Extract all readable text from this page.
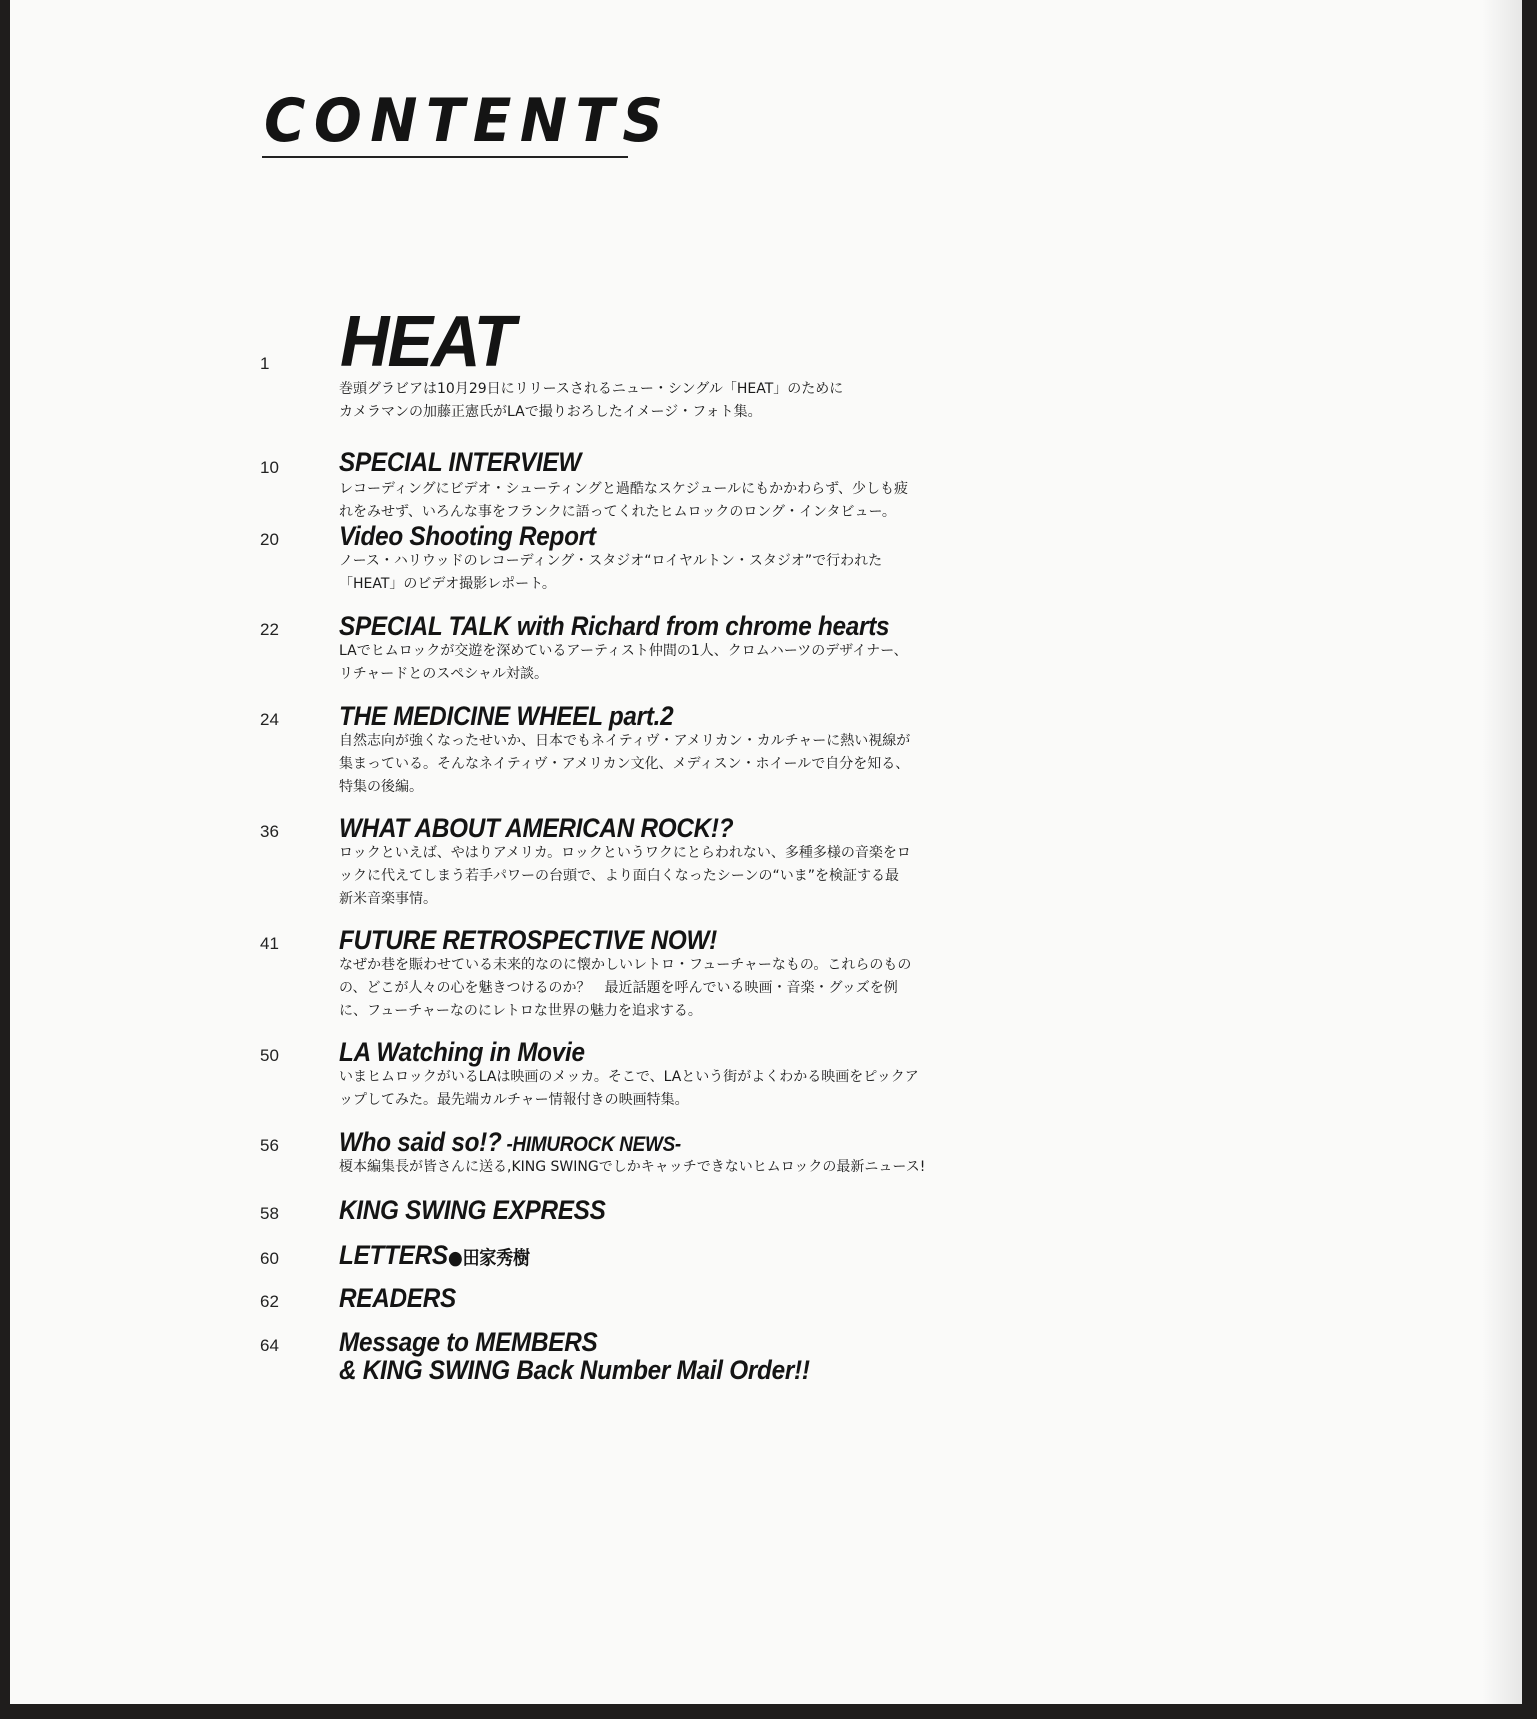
CONTENTS
1 HEAT
巻頭グラビアは10月29日にリリースされるニュー・シングル「HEAT」のために
カメラマンの加藤正憲氏がLAで撮りおろしたイメージ・フォト集。
10	SPECIAL INTERVIEW
レコーディングにビデオ・シューティングと過酷なスケジュールにもかかわらず、少しも疲
れをみせず、いろんな事をフランクに語ってくれたヒムロックのロング・インタビュー。
20	Video Shooting Report
ノース・ハリウッドのレコーディング・スタジオ“ロイヤルトン・スタジオ”で行われた
「HEAT」のビデオ撮影レポート。
22	SPECIAL TALK with Richard from chrome hearts
LAでヒムロックが交遊を深めているアーティスト仲間の1人、クロムハーツのデザイナー、
リチャードとのスペシャル対談。
24	THE MEDICINE WHEEL part.2
自然志向が強くなったせいか、日本でもネイティヴ・アメリカン・カルチャーに熱い視線が
集まっている。そんなネイティヴ・アメリカン文化、メディスン・ホイールで自分を知る、
特集の後編。
36	WHAT ABOUT AMERICAN ROCK!?
ロックといえば、やはりアメリカ。ロックというワクにとらわれない、多種多様の音楽をロ
ックに代えてしまう若手パワーの台頭で、より面白くなったシーンの“いま”を検証する最
新米音楽事情。
41	FUTURE RETROSPECTIVE NOW!
なぜか巷を賑わせている未来的なのに懐かしいレトロ・フューチャーなもの。これらのもの
の、どこが人々の心を魅きつけるのか？　最近話題を呼んでいる映画・音楽・グッズを例
に、フューチャーなのにレトロな世界の魅力を追求する。
50	LA Watching in Movie
いまヒムロックがいるLAは映画のメッカ。そこで、LAという街がよくわかる映画をピックア
ップしてみた。最先端カルチャー情報付きの映画特集。
56	Who said so!? -HIMUROCK NEWS-
榎本編集長が皆さんに送る,KING SWINGでしかキャッチできないヒムロックの最新ニュース!
58	KING SWING EXPRESS
60	LETTERS●田家秀樹
62	READERS
64	Message to MEMBERS
& KING SWING Back Number Mail Order!!
